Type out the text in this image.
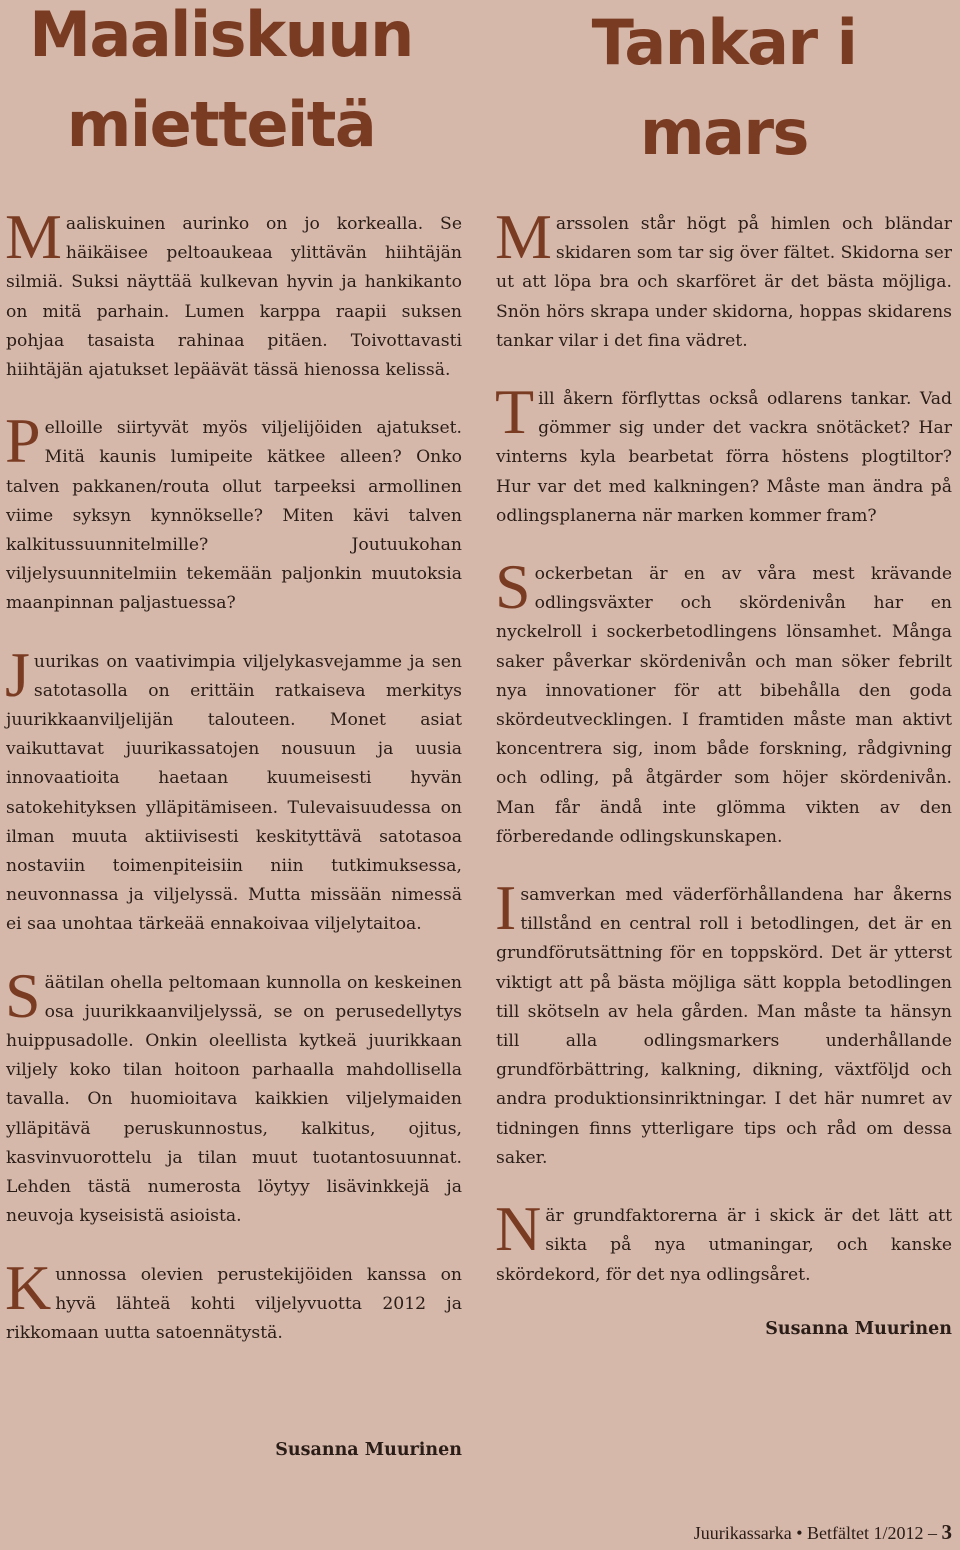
Maaliskuun
mietteitä

Maaliskuinen aurinko on jo korkealla. Se häikäisee peltoaukeaa ylittävän hiihtäjän silmiä. Suksi näyttää kulkevan hyvin ja hankikanto on mitä parhain. Lumen karppa raapii suksen pohjaa tasaista rahinaa pitäen. Toivottavasti hiihtäjän ajatukset lepäävät tässä hienossa kelissä.

Pelloille siirtyvät myös viljelijöiden ajatukset. Mitä kaunis lumipeite kätkee alleen? Onko talven pakkanen/routa ollut tarpeeksi armollinen viime syksyn kynnökselle? Miten kävi talven kalkitussuunnitelmille? Joutuukohan viljelysuunnitelmiin tekemään paljonkin muutoksia maanpinnan paljastuessa?

Juurikas on vaativimpia viljelykasvejamme ja sen satotasolla on erittäin ratkaiseva merkitys juurikkaanviljelijän talouteen. Monet asiat vaikuttavat juurikassatojen nousuun ja uusia innovaatioita haetaan kuumeisesti hyvän satokehityksen ylläpitämiseen. Tulevaisuudessa on ilman muuta aktiivisesti keskityttävä satotasoa nostaviin toimenpiteisiin niin tutkimuksessa, neuvonnassa ja viljelyssä. Mutta missään nimessä ei saa unohtaa tärkeää ennakoivaa viljelytaitoa.

Säätilan ohella peltomaan kunnolla on keskeinen osa juurikkaanviljelyssä, se on perusedellytys huippusadolle. Onkin oleellista kytkeä juurikkaan viljely koko tilan hoitoon parhaalla mahdollisella tavalla. On huomioitava kaikkien viljelymaiden ylläpitävä peruskunnostus, kalkitus, ojitus, kasvinvuorottelu ja tilan muut tuotantosuunnat. Lehden tästä numerosta löytyy lisävinkkejä ja neuvoja kyseisistä asioista.

Kunnossa olevien perustekijöiden kanssa on hyvä lähteä kohti viljelyvuotta 2012 ja rikkomaan uutta satoennätystä.

Susanna Muurinen

Tankar i
mars

Marssolen står högt på himlen och bländar skidaren som tar sig över fältet. Skidorna ser ut att löpa bra och skarföret är det bästa möjliga. Snön hörs skrapa under skidorna, hoppas skidarens tankar vilar i det fina vädret.

Till åkern förflyttas också odlarens tankar. Vad gömmer sig under det vackra snötäcket? Har vinterns kyla bearbetat förra höstens plogtiltor? Hur var det med kalkningen? Måste man ändra på odlingsplanerna när marken kommer fram?

Sockerbetan är en av våra mest krävande odlingsväxter och skördenivån har en nyckelroll i sockerbetodlingens lönsamhet. Många saker påverkar skördenivån och man söker febrilt nya innovationer för att bibehålla den goda skördeutvecklingen. I framtiden måste man aktivt koncentrera sig, inom både forskning, rådgivning och odling, på åtgärder som höjer skördenivån. Man får ändå inte glömma vikten av den förberedande odlingskunskapen.

I samverkan med väderförhållandena har åkerns tillstånd en central roll i betodlingen, det är en grundförutsättning för en toppskörd. Det är ytterst viktigt att på bästa möjliga sätt koppla betodlingen till skötseln av hela gården. Man måste ta hänsyn till alla odlingsmarkers underhållande grundförbättring, kalkning, dikning, växtföljd och andra produktionsinriktningar. I det här numret av tidningen finns ytterligare tips och råd om dessa saker.

När grundfaktorerna är i skick är det lätt att sikta på nya utmaningar, och kanske skördekord, för det nya odlingsåret.

Susanna Muurinen

Juurikassarka • Betfältet 1/2012 – 3
